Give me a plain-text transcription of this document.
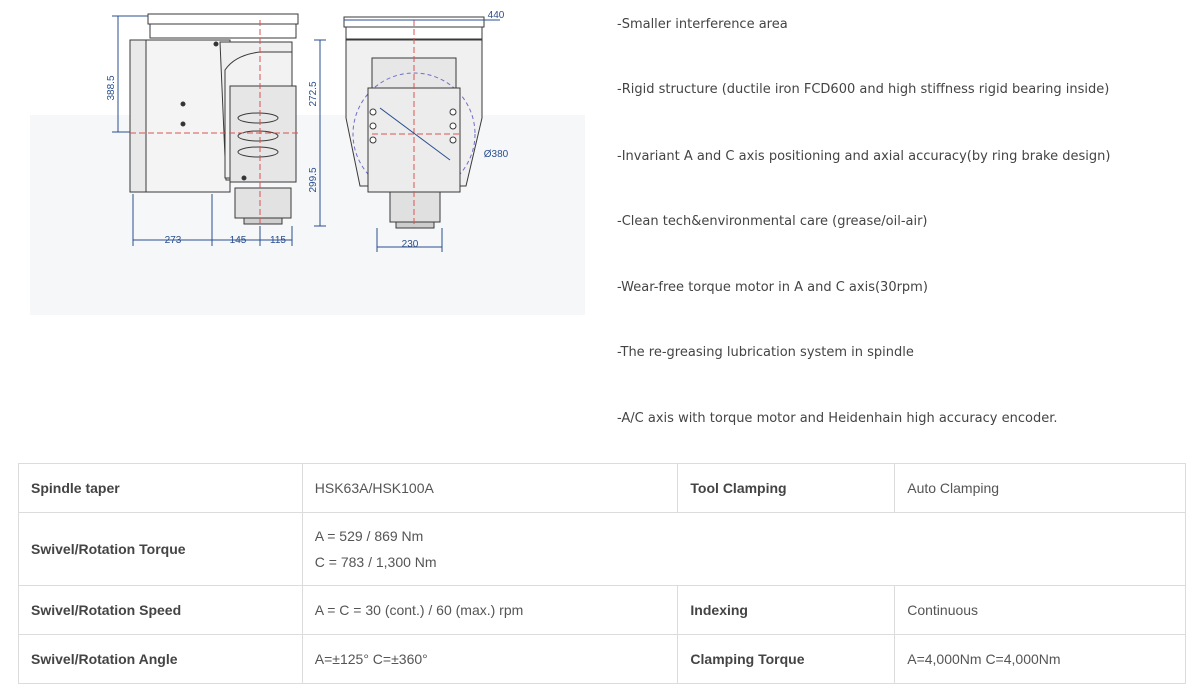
388.5	272.5
299.5
273	145 115
440
Ø380
230
-Smaller interference area
-Rigid structure (ductile iron FCD600 and high stiffness rigid bearing inside)
-Invariant A and C axis positioning and axial accuracy(by ring brake design)
-Clean tech&environmental care (grease/oil-air)
-Wear-free torque motor in A and C axis(30rpm)
-The re-greasing lubrication system in spindle
-A/C axis with torque motor and Heidenhain high accuracy encoder.
Spindle taper	HSK63A/HSK100A	Tool Clamping	Auto Clamping
Swivel/Rotation Torque	A = 529 / 869 Nm
C = 783 / 1,300 Nm		

Swivel/Rotation Speed	A = C = 30 (cont.) / 60 (max.) rpm	Indexing	Continuous
Swivel/Rotation Angle	A=±125° C=±360°	Clamping Torque	A=4,000Nm C=4,000Nm
